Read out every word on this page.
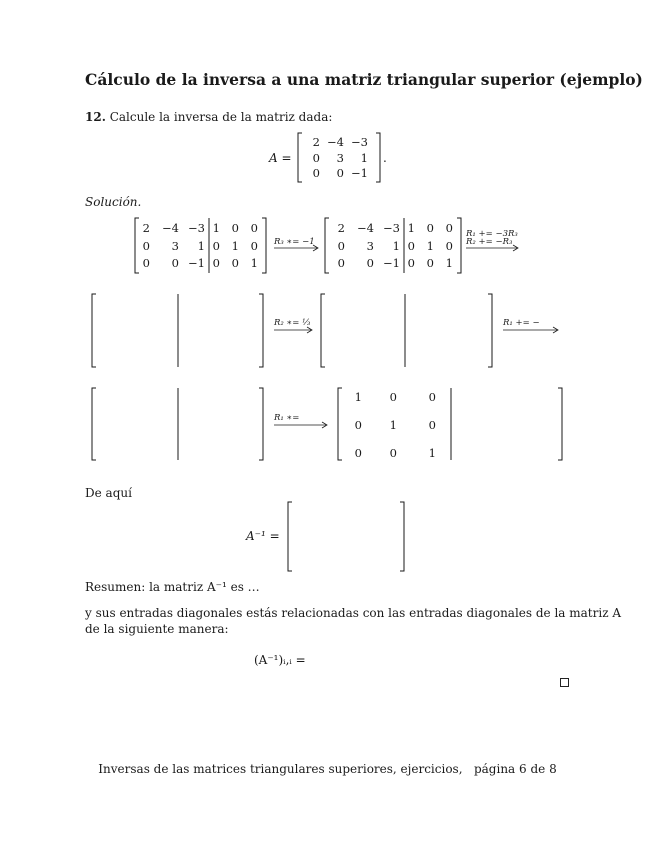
Cálculo de la inversa a una matriz triangular superior (ejemplo)
12. Calcule la inversa de la matriz dada:
A =
2 −4 −3
0 3 1
0 0 −1
.
Solución.
2 −4 −3 1 0 0
0 3 1 0 1 0
0 0 −1 0 0 1
R₃ ∗= −1
2 −4 −3 1 0 0
0 3 1 0 1 0
0 0 −1 0 0 1
R₁ += −3R₃
R₂ += −R₃
R₂ ∗= ⅓	R₁ += −
R₁ ∗=
1 0	0
0 1	0
0 0	1
De aquí
A⁻¹ =
Resumen: la matriz A⁻¹ es …
y sus entradas diagonales estás relacionadas con las entradas diagonales de la matriz A
de la siguiente manera:
(A⁻¹)ᵢ,ᵢ =
Inversas de las matrices triangulares superiores, ejercicios, página 6 de 8
